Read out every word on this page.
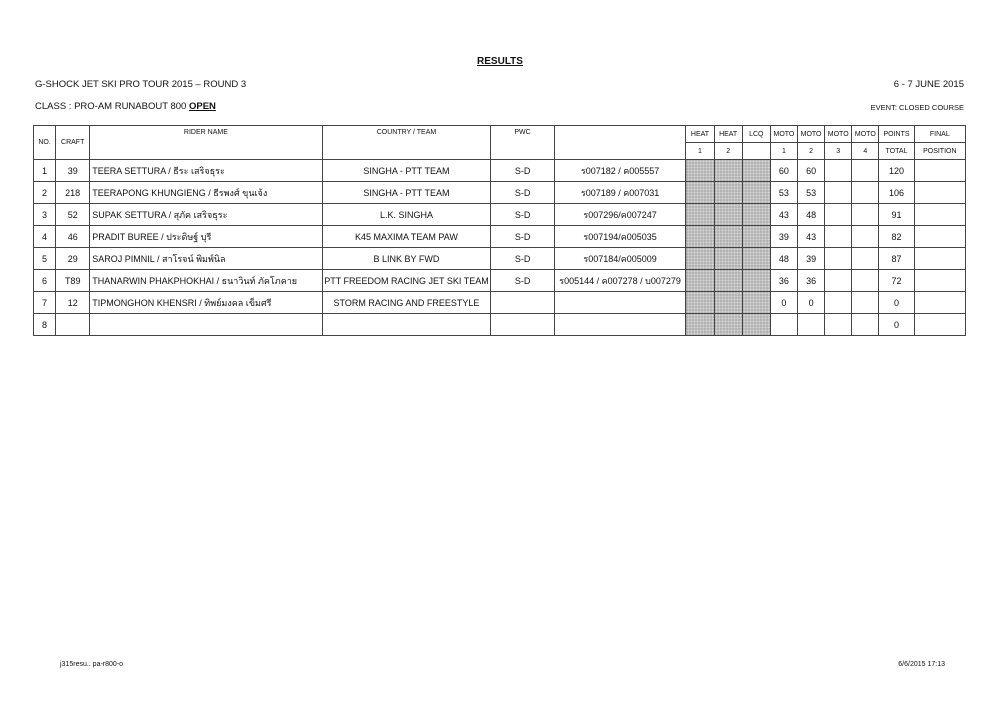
RESULTS
G-SHOCK JET SKI PRO TOUR 2015 – ROUND 3	6 - 7 JUNE 2015
CLASS : PRO-AM RUNABOUT 800 OPEN	EVENT: CLOSED COURSE
NO.	CRAFT	RIDER NAME	COUNTRY / TEAM	PWC		HEAT	HEAT	LCQ	MOTO	MOTO	MOTO	MOTO	POINTS	FINAL
						1	2		1	2	3	4	TOTAL	POSITION
1	39	TEERA SETTURA / ธีระ เสริจธุระ	SINGHA - PTT TEAM	S-D	ร007182 / ค005557				60	60			120	
2	218	TEERAPONG KHUNGIENG / ธีรพงศ์ ขุนเจ้ง	SINGHA - PTT TEAM	S-D	ร007189 / ค007031				53	53			106	
3	52	SUPAK SETTURA / สุภัค เสริจธุระ	L.K. SINGHA	S-D	ร007296/ค007247				43	48			91	
4	46	PRADIT BUREE / ประดิษฐ์ บุรี	K45 MAXIMA TEAM PAW	S-D	ร007194/ค005035				39	43			82	
5	29	SAROJ PIMNIL / สาโรจน์ พิมพ์นิล	B LINK BY FWD	S-D	ร007184/ค005009				48	39			87	
6	T89	THANARWIN PHAKPHOKHAI / ธนาวินท์ ภัคโภคาย	PTT FREEDOM RACING JET SKI TEAM	S-D	ร005144 / ค007278 / บ007279				36	36			72	
7	12	TIPMONGHON KHENSRI / ทิพย์มงคล เข็มศรี	STORM RACING AND FREESTYLE						0	0			0	
8													0	
j315resu.. pa-r800-o	6/6/2015 17:13
